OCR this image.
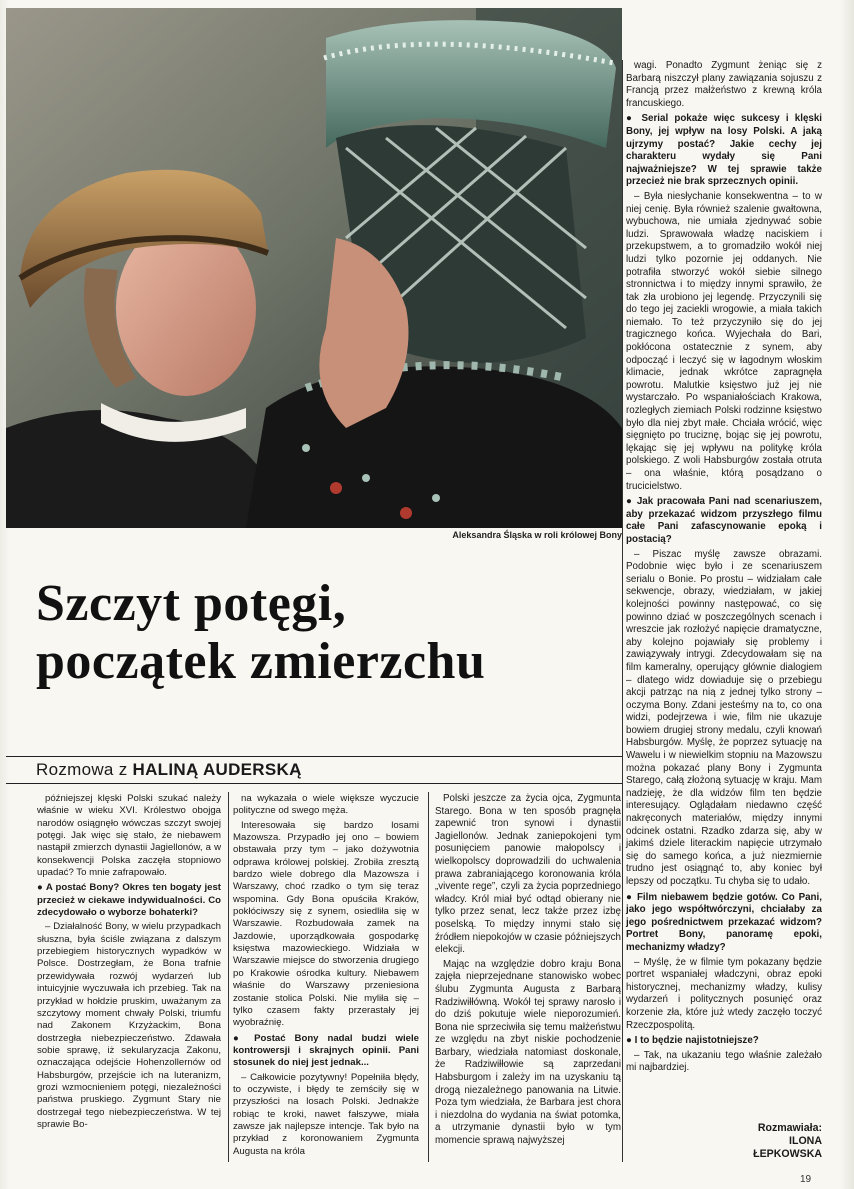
Aleksandra Śląska w roli królowej Bony
Szczyt potęgi,
początek zmierzchu
Rozmowa z HALINĄ AUDERSKĄ

późniejszej klęski Polski szukać należy właśnie w wieku XVI. Królestwo obojga narodów osiągnęło wówczas szczyt swojej potęgi. Jak więc się stało, że niebawem nastąpił zmierzch dynastii Jagiellonów, a w konsekwencji Polska zaczęła stopniowo upadać? To mnie zafrapowało.

● A postać Bony? Okres ten bogaty jest przecież w ciekawe indywidualności. Co zdecydowało o wyborze bohaterki?

– Działalność Bony, w wielu przypadkach słuszna, była ściśle związana z dalszym przebiegiem historycznych wypadków w Polsce. Dostrzegłam, że Bona trafnie przewidywała rozwój wydarzeń lub intuicyjnie wyczuwała ich przebieg. Tak na przykład w hołdzie pruskim, uważanym za szczytowy moment chwały Polski, triumfu nad Zakonem Krzyżackim, Bona dostrzegła niebezpieczeństwo. Zdawała sobie sprawę, iż sekularyzacja Zakonu, oznaczająca odejście Hohenzollernów od Habsburgów, przejście ich na luteranizm, grozi wzmocnieniem potęgi, niezależności państwa pruskiego. Zygmunt Stary nie dostrzegał tego niebezpieczeństwa. W tej sprawie Bo-

na wykazała o wiele większe wyczucie polityczne od swego męża.

Interesowała się bardzo losami Mazowsza. Przypadło jej ono – bowiem obstawała przy tym – jako dożywotnia odprawa królowej polskiej. Zrobiła zresztą bardzo wiele dobrego dla Mazowsza i Warszawy, choć rzadko o tym się teraz wspomina. Gdy Bona opuściła Kraków, pokłóciwszy się z synem, osiedliła się w Warszawie. Rozbudowała zamek na Jazdowie, uporządkowała gospodarkę księstwa mazowieckiego. Widziała w Warszawie miejsce do stworzenia drugiego po Krakowie ośrodka kultury. Niebawem właśnie do Warszawy przeniesiona zostanie stolica Polski. Nie myliła się – tylko czasem fakty przerastały jej wyobraźnię.

● Postać Bony nadal budzi wiele kontrowersji i skrajnych opinii. Pani stosunek do niej jest jednak...

– Całkowicie pozytywny! Popełniła błędy, to oczywiste, i błędy te zemściły się w przyszłości na losach Polski. Jednakże robiąc te kroki, nawet fałszywe, miała zawsze jak najlepsze intencje. Tak było na przykład z koronowaniem Zygmunta Augusta na króla

Polski jeszcze za życia ojca, Zygmunta Starego. Bona w ten sposób pragnęła zapewnić tron synowi i dynastii Jagiellonów. Jednak zaniepokojeni tym posunięciem panowie małopolscy i wielkopolscy doprowadzili do uchwalenia prawa zabraniającego koronowania króla „vivente rege”, czyli za życia poprzedniego władcy. Król miał być odtąd obierany nie tylko przez senat, lecz także przez izbę poselską. To między innymi stało się źródłem niepokojów w czasie późniejszych elekcji.

Mając na względzie dobro kraju Bona zajęła nieprzejednane stanowisko wobec ślubu Zygmunta Augusta z Barbarą Radziwiłłówną. Wokół tej sprawy narosło i do dziś pokutuje wiele nieporozumień. Bona nie sprzeciwiła się temu małżeństwu ze względu na zbyt niskie pochodzenie Barbary, wiedziała natomiast doskonale, że Radziwiłłowie są zaprzedani Habsburgom i zależy im na uzyskaniu tą drogą niezależnego panowania na Litwie. Poza tym wiedziała, że Barbara jest chora i niezdolna do wydania na świat potomka, a utrzymanie dynastii było w tym momencie sprawą najwyższej

wagi. Ponadto Zygmunt żeniąc się z Barbarą niszczył plany zawiązania sojuszu z Francją przez małżeństwo z krewną króla francuskiego.

● Serial pokaże więc sukcesy i klęski Bony, jej wpływ na losy Polski. A jaką ujrzymy postać? Jakie cechy jej charakteru wydały się Pani najważniejsze? W tej sprawie także przecież nie brak sprzecznych opinii.

– Była niesłychanie konsekwentna – to w niej cenię. Była również szalenie gwałtowna, wybuchowa, nie umiała zjednywać sobie ludzi. Sprawowała władzę naciskiem i przekupstwem, a to gromadziło wokół niej ludzi tylko pozornie jej oddanych. Nie potrafiła stworzyć wokół siebie silnego stronnictwa i to między innymi sprawiło, że tak zła urobiono jej legendę. Przyczynili się do tego jej zaciekli wrogowie, a miała takich niemało. To też przyczyniło się do jej tragicznego końca. Wyjechała do Bari, pokłócona ostatecznie z synem, aby odpocząć i leczyć się w łagodnym włoskim klimacie, jednak wkrótce zapragnęła powrotu. Malutkie księstwo już jej nie wystarczało. Po wspaniałościach Krakowa, rozległych ziemiach Polski rodzinne księstwo było dla niej zbyt małe. Chciała wrócić, więc sięgnięto po truciznę, bojąc się jej powrotu, lękając się jej wpływu na politykę króla polskiego. Z woli Habsburgów została otruta – ona właśnie, którą posądzano o trucicielstwo.

● Jak pracowała Pani nad scenariuszem, aby przekazać widzom przyszłego filmu całe Pani zafascynowanie epoką i postacią?

– Piszac myślę zawsze obrazami. Podobnie więc było i ze scenariuszem serialu o Bonie. Po prostu – widziałam całe sekwencje, obrazy, wiedziałam, w jakiej kolejności powinny następować, co się powinno dziać w poszczególnych scenach i wreszcie jak rozłożyć napięcie dramatyczne, aby kolejno pojawiały się problemy i zawiązywały intrygi. Zdecydowałam się na film kameralny, operujący głównie dialogiem – dlatego widz dowiaduje się o przebiegu akcji patrząc na nią z jednej tylko strony – oczyma Bony. Zdani jesteśmy na to, co ona widzi, podejrzewa i wie, film nie ukazuje bowiem drugiej strony medalu, czyli knowań Habsburgów. Myślę, że poprzez sytuację na Wawelu i w niewielkim stopniu na Mazowszu można pokazać plany Bony i Zygmunta Starego, całą złożoną sytuację w kraju. Mam nadzieję, że dla widzów film ten będzie interesujący. Oglądałam niedawno część nakręconych materiałów, między innymi odcinek ostatni. Rzadko zdarza się, aby w jakimś dziele literackim napięcie utrzymało się do samego końca, a już niezmiernie trudno jest osiągnąć to, aby koniec był lepszy od początku. Tu chyba się to udało.

● Film niebawem będzie gotów. Co Pani, jako jego współtwórczyni, chciałaby za jego pośrednictwem przekazać widzom? Portret Bony, panoramę epoki, mechanizmy władzy?

– Myślę, że w filmie tym pokazany będzie portret wspaniałej władczyni, obraz epoki historycznej, mechanizmy władzy, kulisy wydarzeń i politycznych posunięć oraz korzenie zła, które już wtedy zaczęło toczyć Rzeczpospolitą.

● I to będzie najistotniejsze?

– Tak, na ukazaniu tego właśnie zależało mi najbardziej.

Rozmawiała:
ILONA
ŁEPKOWSKA
19
